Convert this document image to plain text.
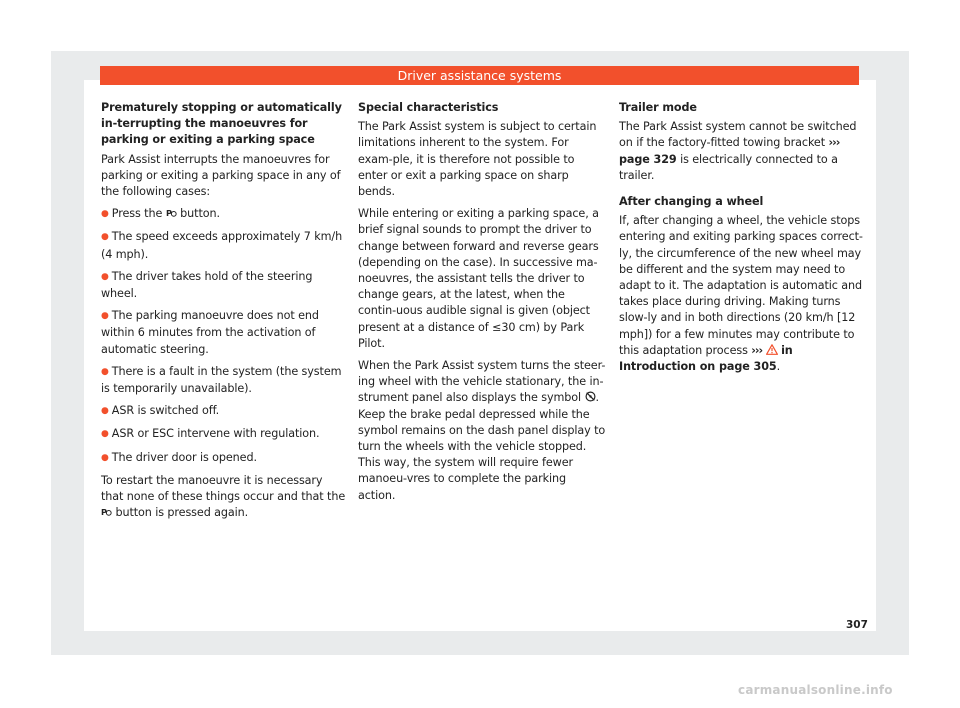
Driver assistance systems
Prematurely stopping or automatically in-terrupting the manoeuvres for parking or exiting a parking space

Park Assist interrupts the manoeuvres for parking or exiting a parking space in any of the following cases:

● Press the P button.
● The speed exceeds approximately 7 km/h (4 mph).
● The driver takes hold of the steering wheel.
● The parking manoeuvre does not end within 6 minutes from the activation of automatic steering.
● There is a fault in the system (the system is temporarily unavailable).
● ASR is switched off.
● ASR or ESC intervene with regulation.
● The driver door is opened.

To restart the manoeuvre it is necessary that none of these things occur and that the
P button is pressed again.

Special characteristics

The Park Assist system is subject to certain limitations inherent to the system. For exam-ple, it is therefore not possible to enter or exit a parking space on sharp bends.

While entering or exiting a parking space, a brief signal sounds to prompt the driver to change between forward and reverse gears (depending on the case). In successive ma-noeuvres, the assistant tells the driver to change gears, at the latest, when the contin-uous audible signal is given (object present at a distance of ≤30 cm) by Park Pilot.

When the Park Assist system turns the steer-ing wheel with the vehicle stationary, the in-strument panel also displays the symbol . Keep the brake pedal depressed while the symbol remains on the dash panel display to turn the wheels with the vehicle stopped. This way, the system will require fewer manoeu-vres to complete the parking action.

Trailer mode

The Park Assist system cannot be switched on if the factory-fitted towing bracket ››› page 329 is electrically connected to a trailer.

After changing a wheel

If, after changing a wheel, the vehicle stops entering and exiting parking spaces correct-ly, the circumference of the new wheel may be different and the system may need to adapt to it. The adaptation is automatic and takes place during driving. Making turns slow-ly and in both directions (20 km/h [12 mph]) for a few minutes may contribute to this adaptation process ››› in Introduction on page 305.

307
carmanualsonline.info
